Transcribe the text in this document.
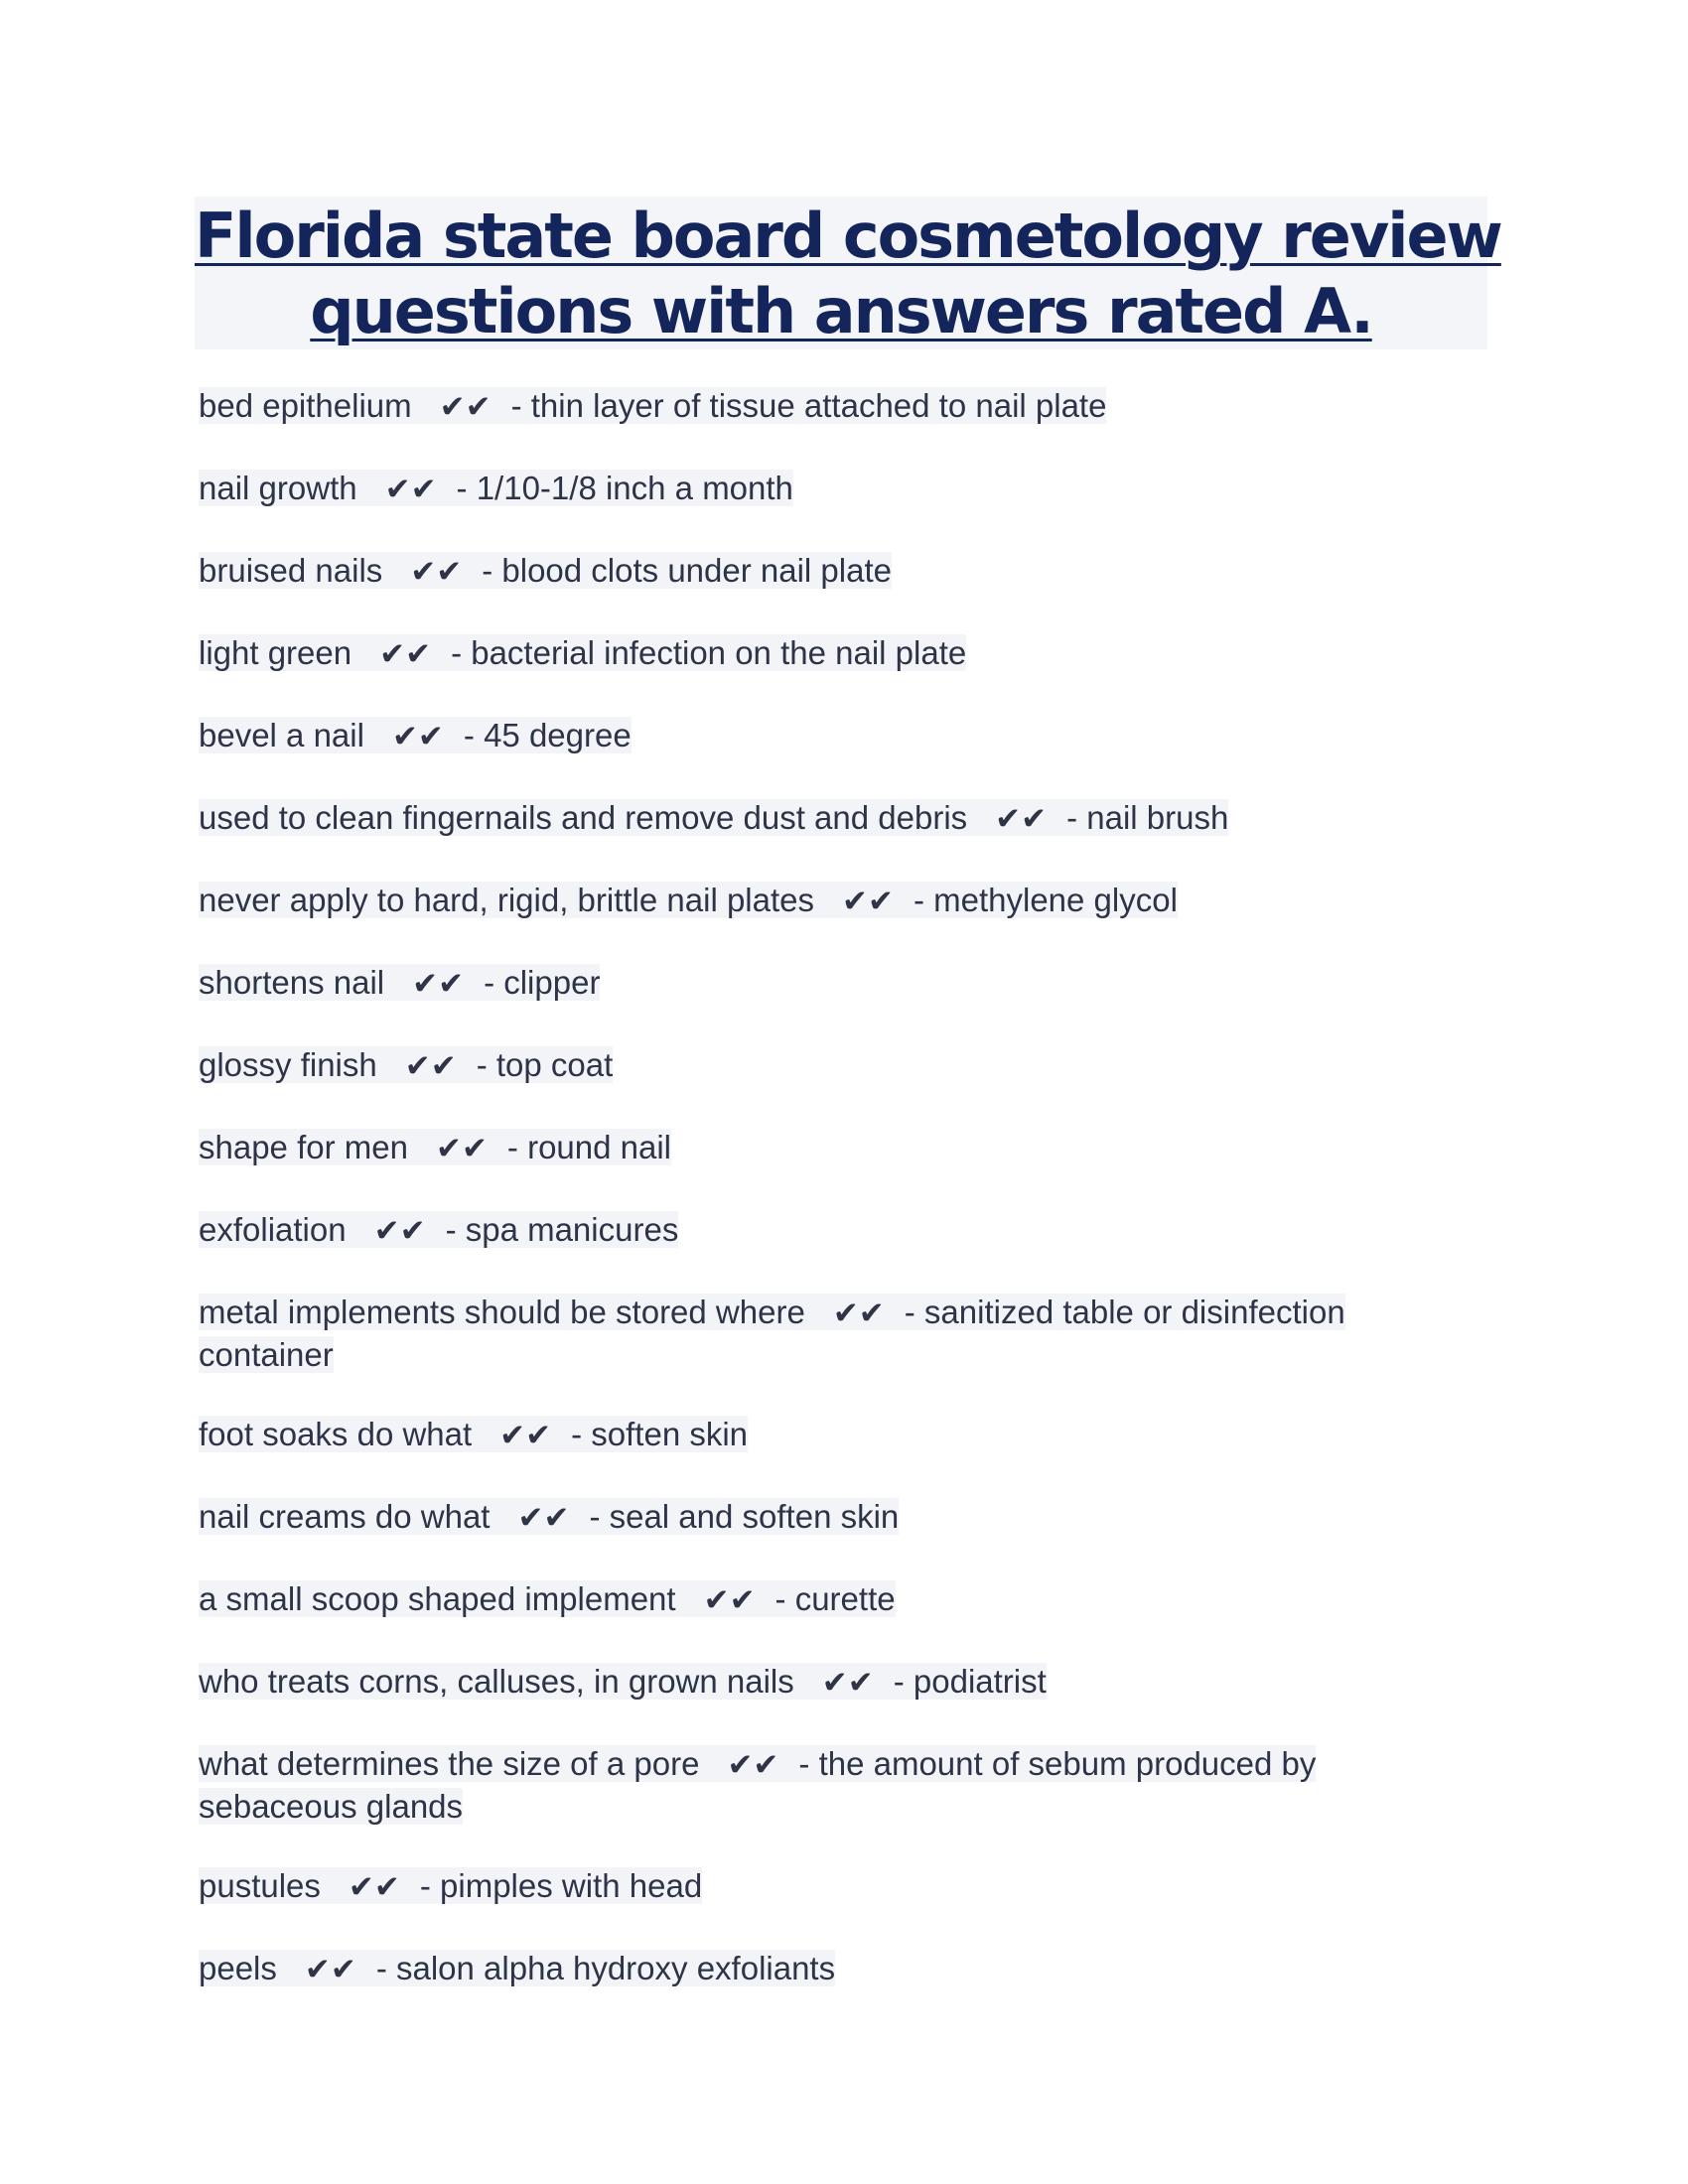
Florida state board cosmetology review
questions with answers rated A.
bed epithelium ✔✔ - thin layer of tissue attached to nail plate
nail growth ✔✔ - 1/10-1/8 inch a month
bruised nails ✔✔ - blood clots under nail plate
light green ✔✔ - bacterial infection on the nail plate
bevel a nail ✔✔ - 45 degree
used to clean fingernails and remove dust and debris ✔✔ - nail brush
never apply to hard, rigid, brittle nail plates ✔✔ - methylene glycol
shortens nail ✔✔ - clipper
glossy finish ✔✔ - top coat
shape for men ✔✔ - round nail
exfoliation ✔✔ - spa manicures
metal implements should be stored where ✔✔ - sanitized table or disinfection container
foot soaks do what ✔✔ - soften skin
nail creams do what ✔✔ - seal and soften skin
a small scoop shaped implement ✔✔ - curette
who treats corns, calluses, in grown nails ✔✔ - podiatrist
what determines the size of a pore ✔✔ - the amount of sebum produced by sebaceous glands
pustules ✔✔ - pimples with head
peels ✔✔ - salon alpha hydroxy exfoliants
